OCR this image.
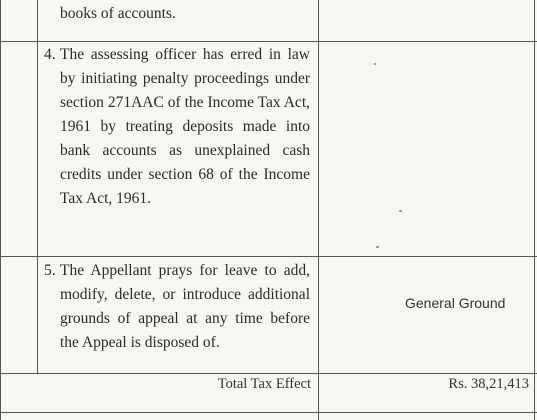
books of accounts.
4. The assessing officer has erred in law by initiating penalty proceedings under section 271AAC of the Income Tax Act, 1961 by treating deposits made into bank accounts as unexplained cash credits under section 68 of the Income Tax Act, 1961.
5. The Appellant prays for leave to add, modify, delete, or introduce additional grounds of appeal at any time before the Appeal is disposed of.
General Ground
Total Tax Effect	Rs. 38,21,413
